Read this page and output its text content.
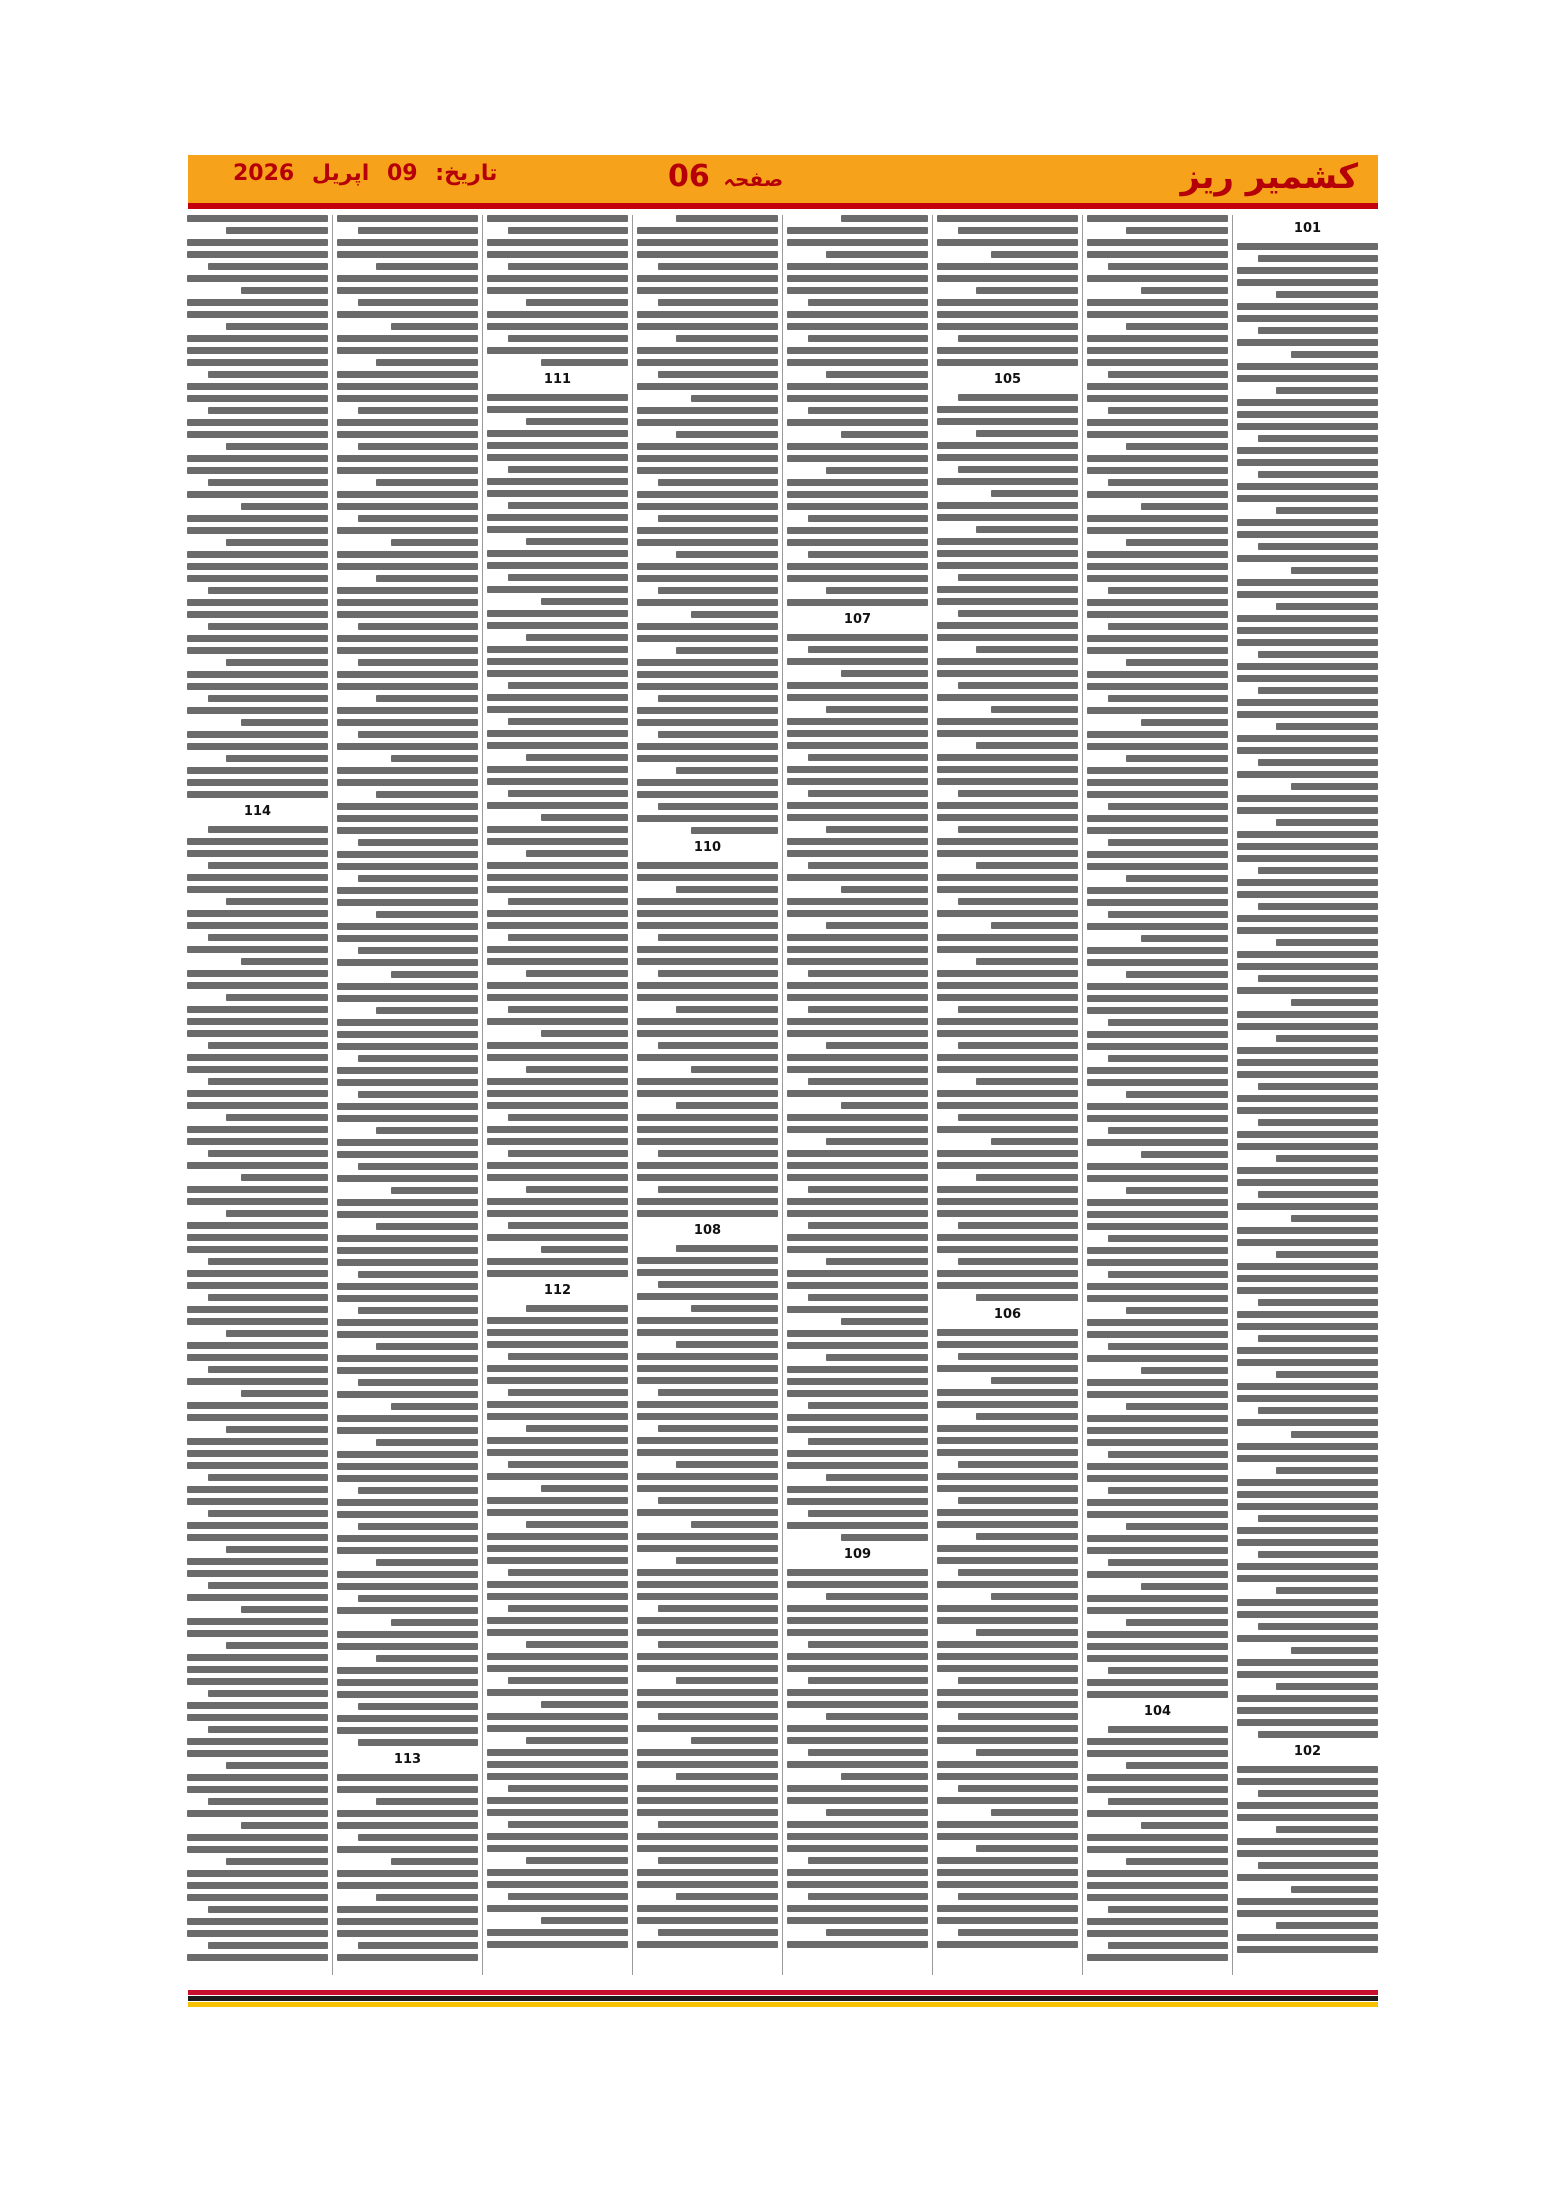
کشمیر ریز
صفحہ 06
تاریخ: 09 اپریل 2026
101
102
104
105
106
107
109
110
108
111
112
113
114
